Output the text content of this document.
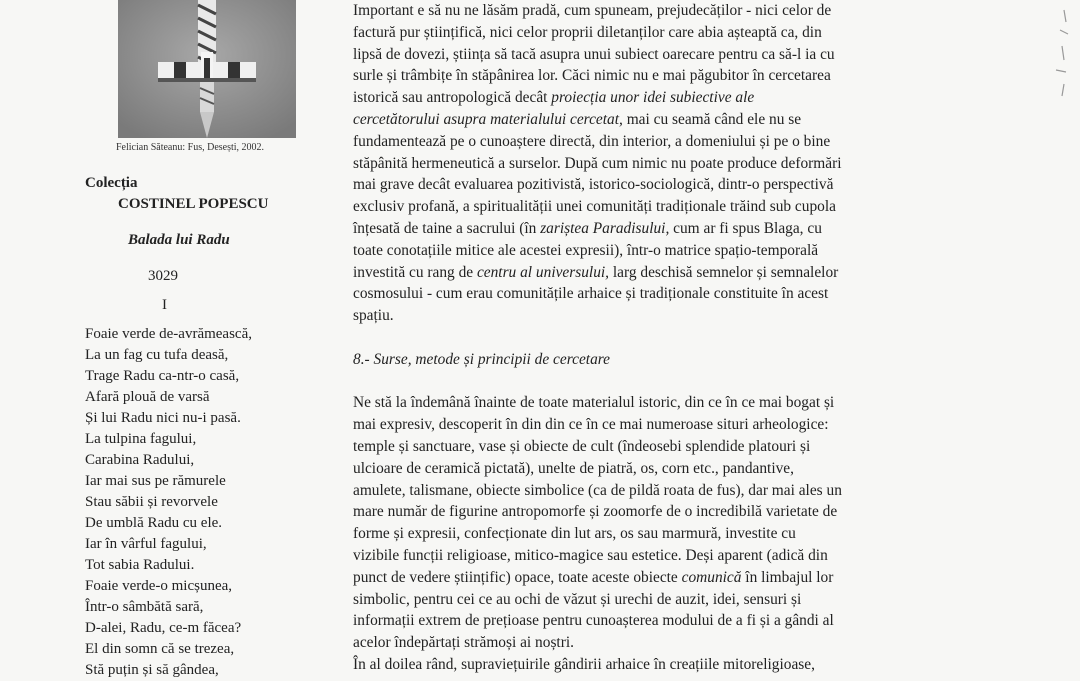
Felician Săteanu: Fus, Desești, 2002.
Colecția
COSTINEL POPESCU
Balada lui Radu
3029
I
Foaie verde de-avrămească,
La un fag cu tufa deasă,
Trage Radu ca-ntr-o casă,
Afară plouă de varsă
Și lui Radu nici nu-i pasă.
La tulpina fagului,
Carabina Radului,
Iar mai sus pe rămurele
Stau săbii și revorvele
De umblă Radu cu ele.
Iar în vârful fagului,
Tot sabia Radului.
Foaie verde-o micșunea,
Într-o sâmbătă sară,
D-alei, Radu, ce-m făcea?
El din somn că se trezea,
Stă puțin și să gândea,

Important e să nu ne lăsăm pradă, cum spuneam, prejudecăților - nici celor de

factură pur științifică, nici celor proprii diletanților care abia așteaptă ca, din

lipsă de dovezi, știința să tacă asupra unui subiect oarecare pentru ca să-l ia cu

surle și trâmbițe în stăpânirea lor. Căci nimic nu e mai păgubitor în cercetarea

istorică sau antropologică decât proiecția unor idei subiective ale

cercetătorului asupra materialului cercetat, mai cu seamă când ele nu se

fundamentează pe o cunoaștere directă, din interior, a domeniului și pe o bine

stăpânită hermeneutică a surselor. După cum nimic nu poate produce deformări

mai grave decât evaluarea pozitivistă, istorico-sociologică, dintr-o perspectivă

exclusiv profană, a spiritualității unei comunități tradiționale trăind sub cupola

înțesată de taine a sacrului (în zariștea Paradisului, cum ar fi spus Blaga, cu

toate conotațiile mitice ale acestei expresii), într-o matrice spațio-temporală

investită cu rang de centru al universului, larg deschisă semnelor și semnalelor

cosmosului - cum erau comunitățile arhaice și tradiționale constituite în acest

spațiu.

8.- Surse, metode și principii de cercetare

Ne stă la îndemână înainte de toate materialul istoric, din ce în ce mai bogat și

mai expresiv, descoperit în din din ce în ce mai numeroase situri arheologice:

temple și sanctuare, vase și obiecte de cult (îndeosebi splendide platouri și

ulcioare de ceramică pictată), unelte de piatră, os, corn etc., pandantive,

amulete, talismane, obiecte simbolice (ca de pildă roata de fus), dar mai ales un

mare număr de figurine antropomorfe și zoomorfe de o incredibilă varietate de

forme și expresii, confecționate din lut ars, os sau marmură, investite cu

vizibile funcții religioase, mitico-magice sau estetice. Deși aparent (adică din

punct de vedere științific) opace, toate aceste obiecte comunică în limbajul lor

simbolic, pentru cei ce au ochi de văzut și urechi de auzit, idei, sensuri și

informații extrem de prețioase pentru cunoașterea modului de a fi și a gândi al

acelor îndepărtați strămoși ai noștri.

În al doilea rând, supraviețuirile gândirii arhaice în creațiile mitoreligioase,
